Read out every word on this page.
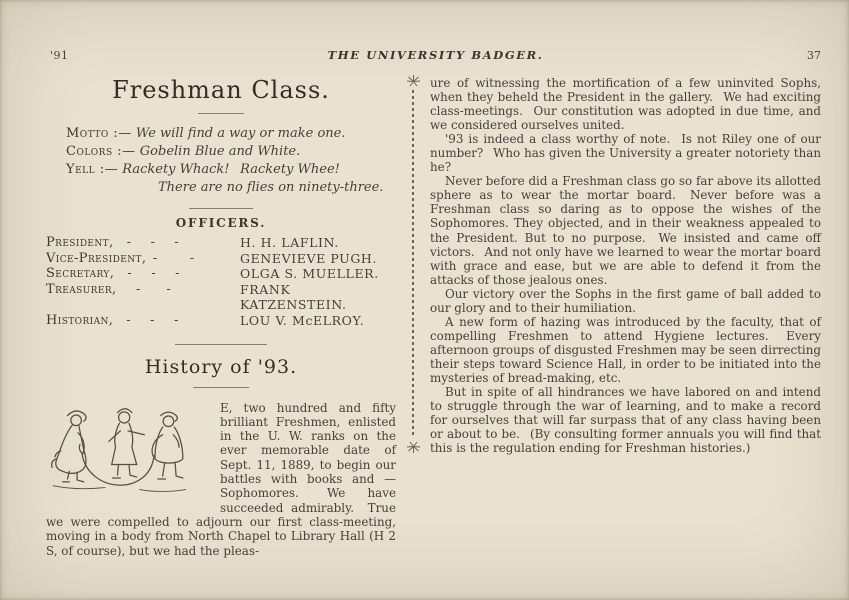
'91	THE UNIVERSITY BADGER.	37
Freshman Class.
Motto :— We will find a way or make one.
Colors :— Gobelin Blue and White.
Yell :— Rackety Whack!  Rackety Whee!
There are no flies on ninety-three.
OFFICERS.
President, -  -  -	H. H. LAFLIN.
Vice-President, -   -	GENEVIEVE PUGH.
Secretary, -  -  -	OLGA S. MUELLER.
Treasurer,  -  -	FRANK KATZENSTEIN.
Historian, -  -  -	LOU V. McELROY.
History of '93.
E, two hundred and fifty brilliant Freshmen, enlisted in the U. W. ranks on the ever memorable date of Sept. 11, 1889, to begin our battles with books and — Sophomores.  We have succeeded admirably.  True we were compelled to adjourn our first class-meeting, moving in a body from North Chapel to Library Hall (H 2 S, of course), but we had the pleas-

ure of witnessing the mortification of a few uninvited Sophs, when they beheld the President in the gallery.  We had exciting class-meetings.  Our constitution was adopted in due time, and we considered ourselves united.

'93 is indeed a class worthy of note.  Is not Riley one of our number?  Who has given the University a greater notoriety than he?

Never before did a Freshman class go so far above its allotted sphere as to wear the mortar board.  Never before was a Freshman class so daring as to oppose the wishes of the Sophomores. They objected, and in their weakness appealed to the President. But to no purpose.  We insisted and came off victors.  And not only have we learned to wear the mortar board with grace and ease, but we are able to defend it from the attacks of those jealous ones.

Our victory over the Sophs in the first game of ball added to our glory and to their humiliation.

A new form of hazing was introduced by the faculty, that of compelling Freshmen to attend Hygiene lectures.  Every afternoon groups of disgusted Freshmen may be seen dirrecting their steps toward Science Hall, in order to be initiated into the mysteries of bread-making, etc.

But in spite of all hindrances we have labored on and intend to struggle through the war of learning, and to make a record for ourselves that will far surpass that of any class having been or about to be.  (By consulting former annuals you will find that this is the regulation ending for Freshman histories.)
